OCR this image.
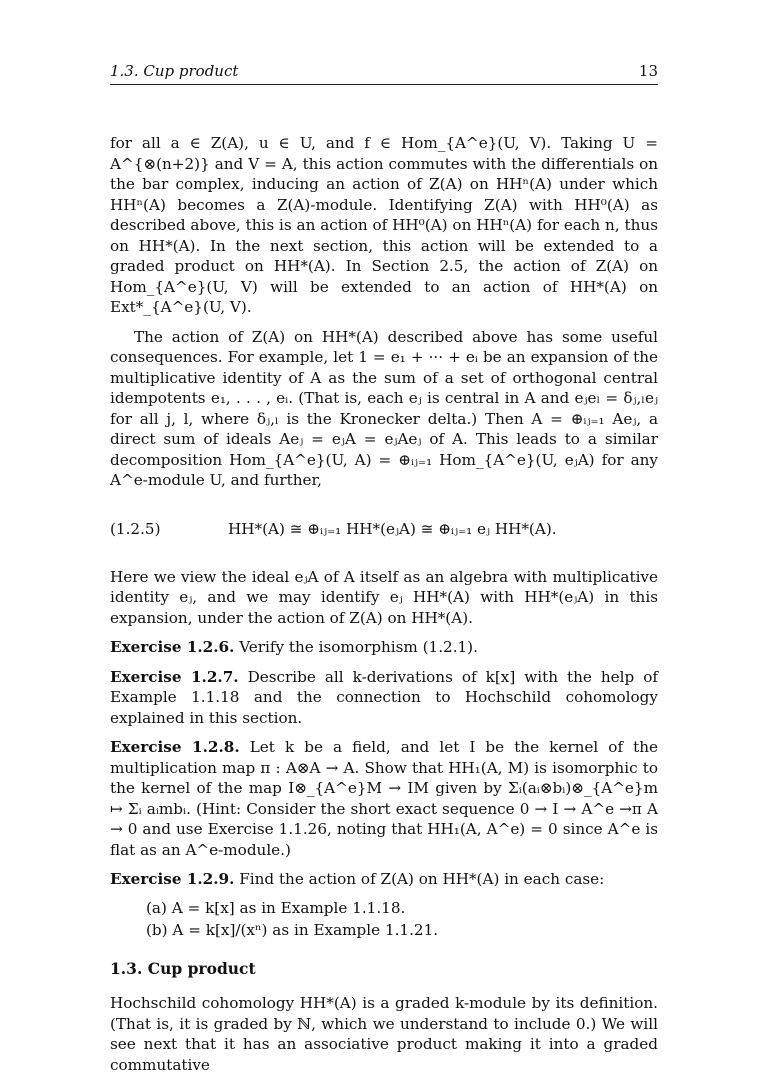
1.3. Cup product	13

for all a ∈ Z(A), u ∈ U, and f ∈ Hom_{A^e}(U, V). Taking U = A^{⊗(n+2)} and V = A, this action commutes with the differentials on the bar complex, inducing an action of Z(A) on HHⁿ(A) under which HHⁿ(A) becomes a Z(A)-module. Identifying Z(A) with HH⁰(A) as described above, this is an action of HH⁰(A) on HHⁿ(A) for each n, thus on HH*(A). In the next section, this action will be extended to a graded product on HH*(A). In Section 2.5, the action of Z(A) on Hom_{A^e}(U, V) will be extended to an action of HH*(A) on Ext*_{A^e}(U, V).

The action of Z(A) on HH*(A) described above has some useful consequences. For example, let 1 = e₁ + ··· + eᵢ be an expansion of the multiplicative identity of A as the sum of a set of orthogonal central idempotents e₁, . . . , eᵢ. (That is, each eⱼ is central in A and eⱼeₗ = δⱼ,ₗeⱼ for all j, l, where δⱼ,ₗ is the Kronecker delta.) Then A = ⊕ᵢⱼ₌₁ Aeⱼ, a direct sum of ideals Aeⱼ = eⱼA = eⱼAeⱼ of A. This leads to a similar decomposition Hom_{A^e}(U, A) = ⊕ᵢⱼ₌₁ Hom_{A^e}(U, eⱼA) for any A^e-module U, and further,

(1.2.5)	HH*(A) ≅ ⊕ᵢⱼ₌₁ HH*(eⱼA) ≅ ⊕ᵢⱼ₌₁ eⱼ HH*(A).

Here we view the ideal eⱼA of A itself as an algebra with multiplicative identity eⱼ, and we may identify eⱼ HH*(A) with HH*(eⱼA) in this expansion, under the action of Z(A) on HH*(A).

Exercise 1.2.6. Verify the isomorphism (1.2.1).

Exercise 1.2.7. Describe all k-derivations of k[x] with the help of Example 1.1.18 and the connection to Hochschild cohomology explained in this section.

Exercise 1.2.8. Let k be a field, and let I be the kernel of the multiplication map π : A⊗A → A. Show that HH₁(A, M) is isomorphic to the kernel of the map I⊗_{A^e}M → IM given by Σᵢ(aᵢ⊗bᵢ)⊗_{A^e}m ↦ Σᵢ aᵢmbᵢ. (Hint: Consider the short exact sequence 0 → I → A^e →π A → 0 and use Exercise 1.1.26, noting that HH₁(A, A^e) = 0 since A^e is flat as an A^e-module.)

Exercise 1.2.9. Find the action of Z(A) on HH*(A) in each case:

(a) A = k[x] as in Example 1.1.18.
(b) A = k[x]/(xⁿ) as in Example 1.1.21.
1.3. Cup product

Hochschild cohomology HH*(A) is a graded k-module by its definition. (That is, it is graded by ℕ, which we understand to include 0.) We will see next that it has an associative product making it into a graded commutative
